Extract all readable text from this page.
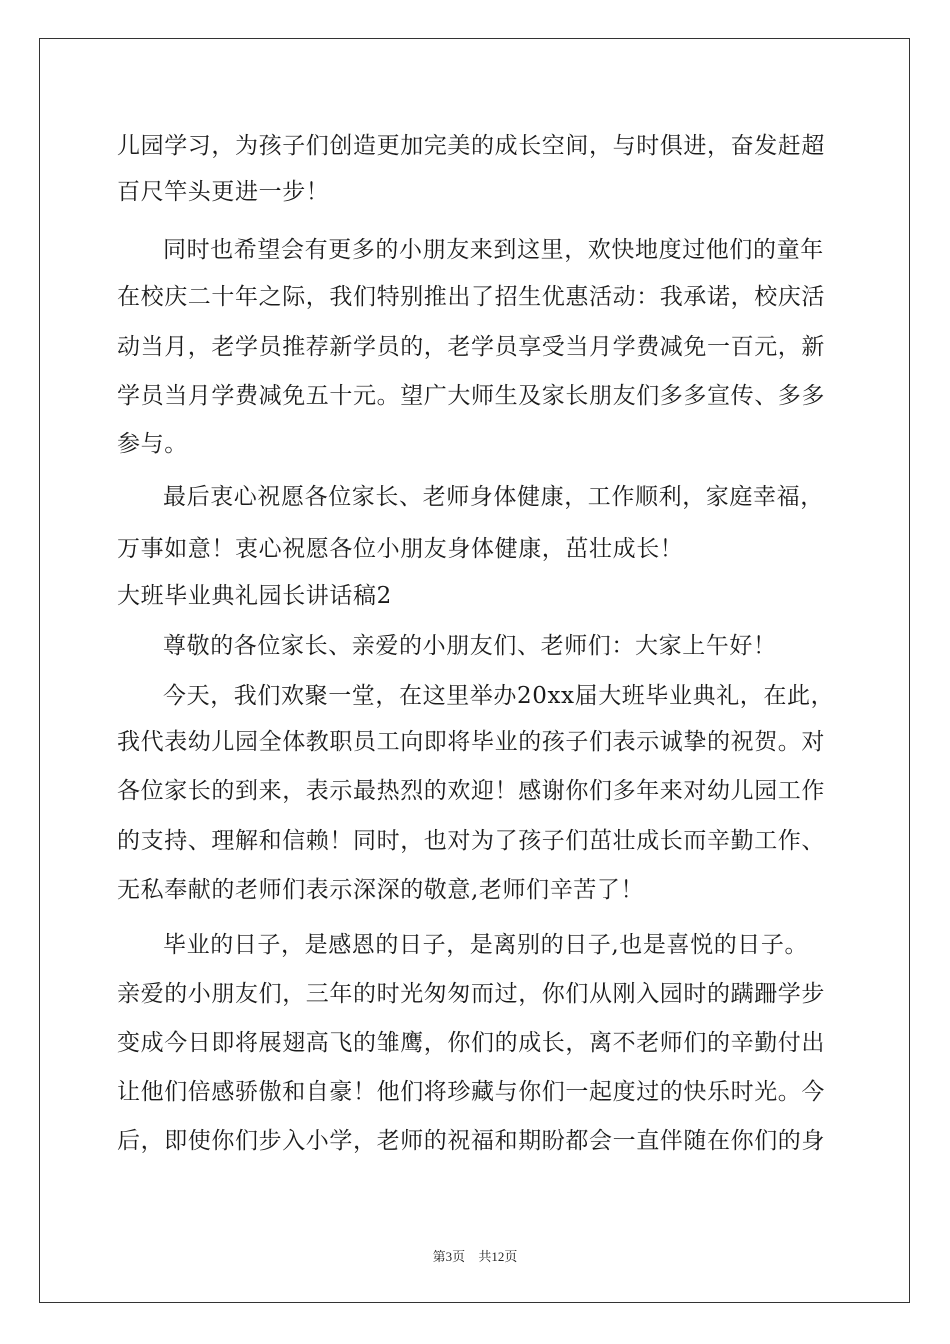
儿园学习，为孩子们创造更加完美的成长空间，与时俱进，奋发赶超
百尺竿头更进一步！
同时也希望会有更多的小朋友来到这里，欢快地度过他们的童年
在校庆二十年之际，我们特别推出了招生优惠活动：我承诺，校庆活
动当月，老学员推荐新学员的，老学员享受当月学费减免一百元，新
学员当月学费减免五十元。望广大师生及家长朋友们多多宣传、多多
参与。
最后衷心祝愿各位家长、老师身体健康，工作顺利，家庭幸福，
万事如意！衷心祝愿各位小朋友身体健康，茁壮成长！
大班毕业典礼园长讲话稿2
尊敬的各位家长、亲爱的小朋友们、老师们：大家上午好！
今天，我们欢聚一堂，在这里举办20xx届大班毕业典礼，在此，
我代表幼儿园全体教职员工向即将毕业的孩子们表示诚挚的祝贺。对
各位家长的到来，表示最热烈的欢迎！感谢你们多年来对幼儿园工作
的支持、理解和信赖！同时，也对为了孩子们茁壮成长而辛勤工作、
无私奉献的老师们表示深深的敬意,老师们辛苦了！
毕业的日子，是感恩的日子，是离别的日子,也是喜悦的日子。
亲爱的小朋友们，三年的时光匆匆而过，你们从刚入园时的蹒跚学步
变成今日即将展翅高飞的雏鹰，你们的成长，离不老师们的辛勤付出
让他们倍感骄傲和自豪！他们将珍藏与你们一起度过的快乐时光。今
后，即使你们步入小学，老师的祝福和期盼都会一直伴随在你们的身
第3页 共12页
